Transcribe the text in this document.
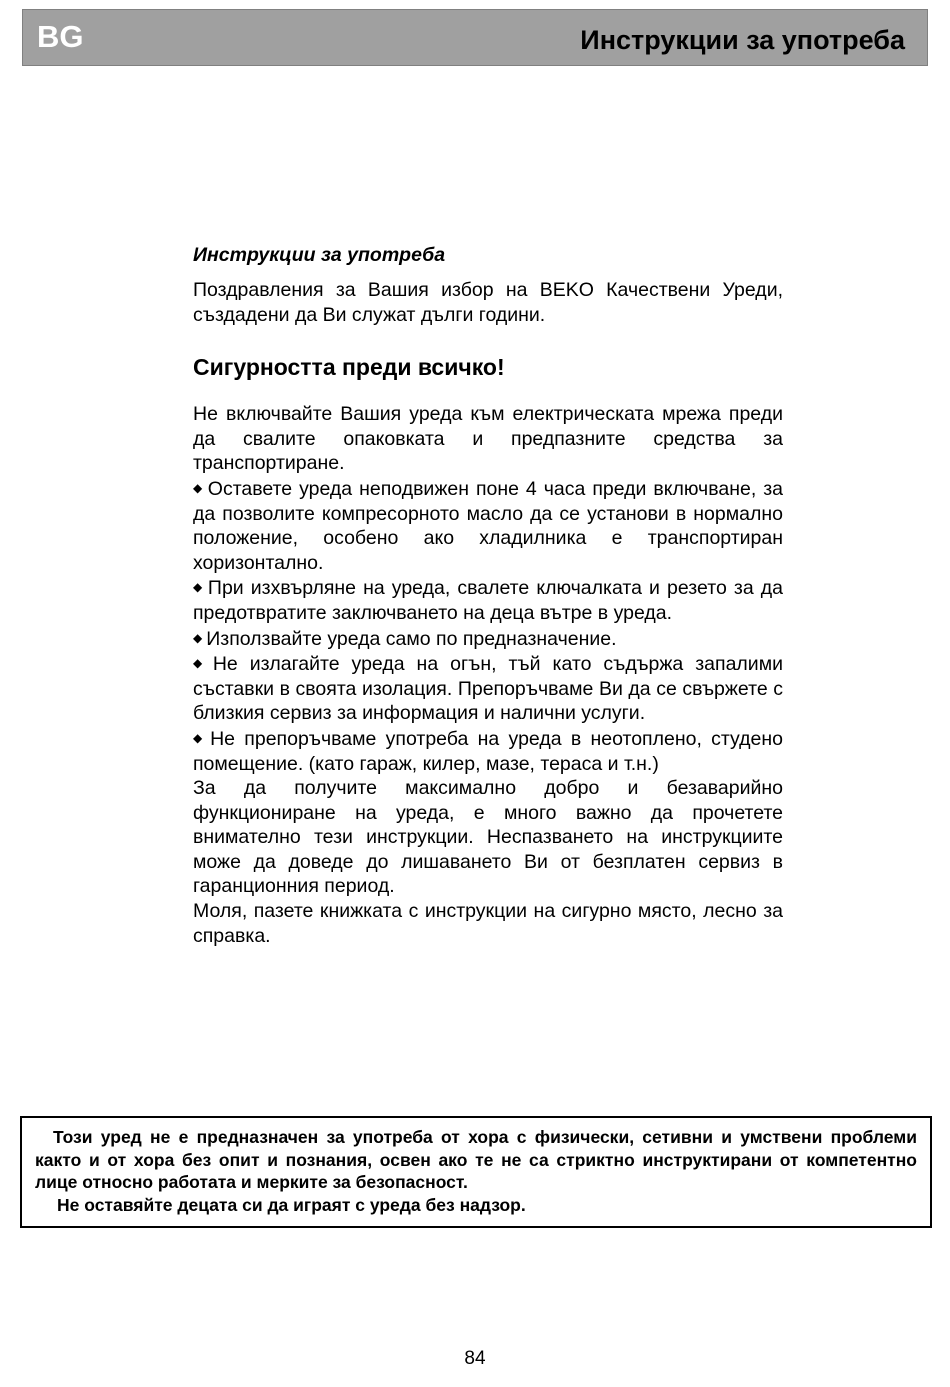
BG	Инструкции за употреба
Инструкции за употреба

Поздравления за Вашия избор на BEKO Качествени Уреди, създадени да Ви служат дълги години.

Сигурността преди всичко!

Не включвайте Вашия уреда към електрическата мрежа преди да свалите опаковката и предпазните средства за транспортиране.

◆ Оставете уреда неподвижен поне 4 часа преди включване, за да позволите компресорното масло да се установи в нормално положение, особено ако хладилника е транспортиран хоризонтално.

◆ При изхвърляне на уреда, свалете ключалката и резето за да предотвратите заключването на деца вътре в уреда.

◆ Използвайте уреда само по предназначение.

◆ Не излагайте уреда на огън, тъй като съдържа запалими съставки в своята изолация. Препоръчваме Ви да се свържете с близкия сервиз за информация и налични услуги.

◆ Не препоръчваме употреба на уреда в неотоплено, студено помещение. (като гараж, килер, мазе, тераса и т.н.)

За да получите максимално добро и безаварийно функциониране на уреда, е много важно да прочетете внимателно тези инструкции. Неспазването на инструкциите може да доведе до лишаването Ви от безплатен сервиз в гаранционния период.

Моля, пазете книжката с инструкции на сигурно място, лесно за справка.

Този уред не е предназначен за употреба от хора с физически, сетивни и умствени проблеми както и от хора без опит и познания, освен ако те не са стриктно инструктирани от компетентно лице относно работата и мерките за безопасност.

Не оставяйте децата си да играят с уреда без надзор.

84
